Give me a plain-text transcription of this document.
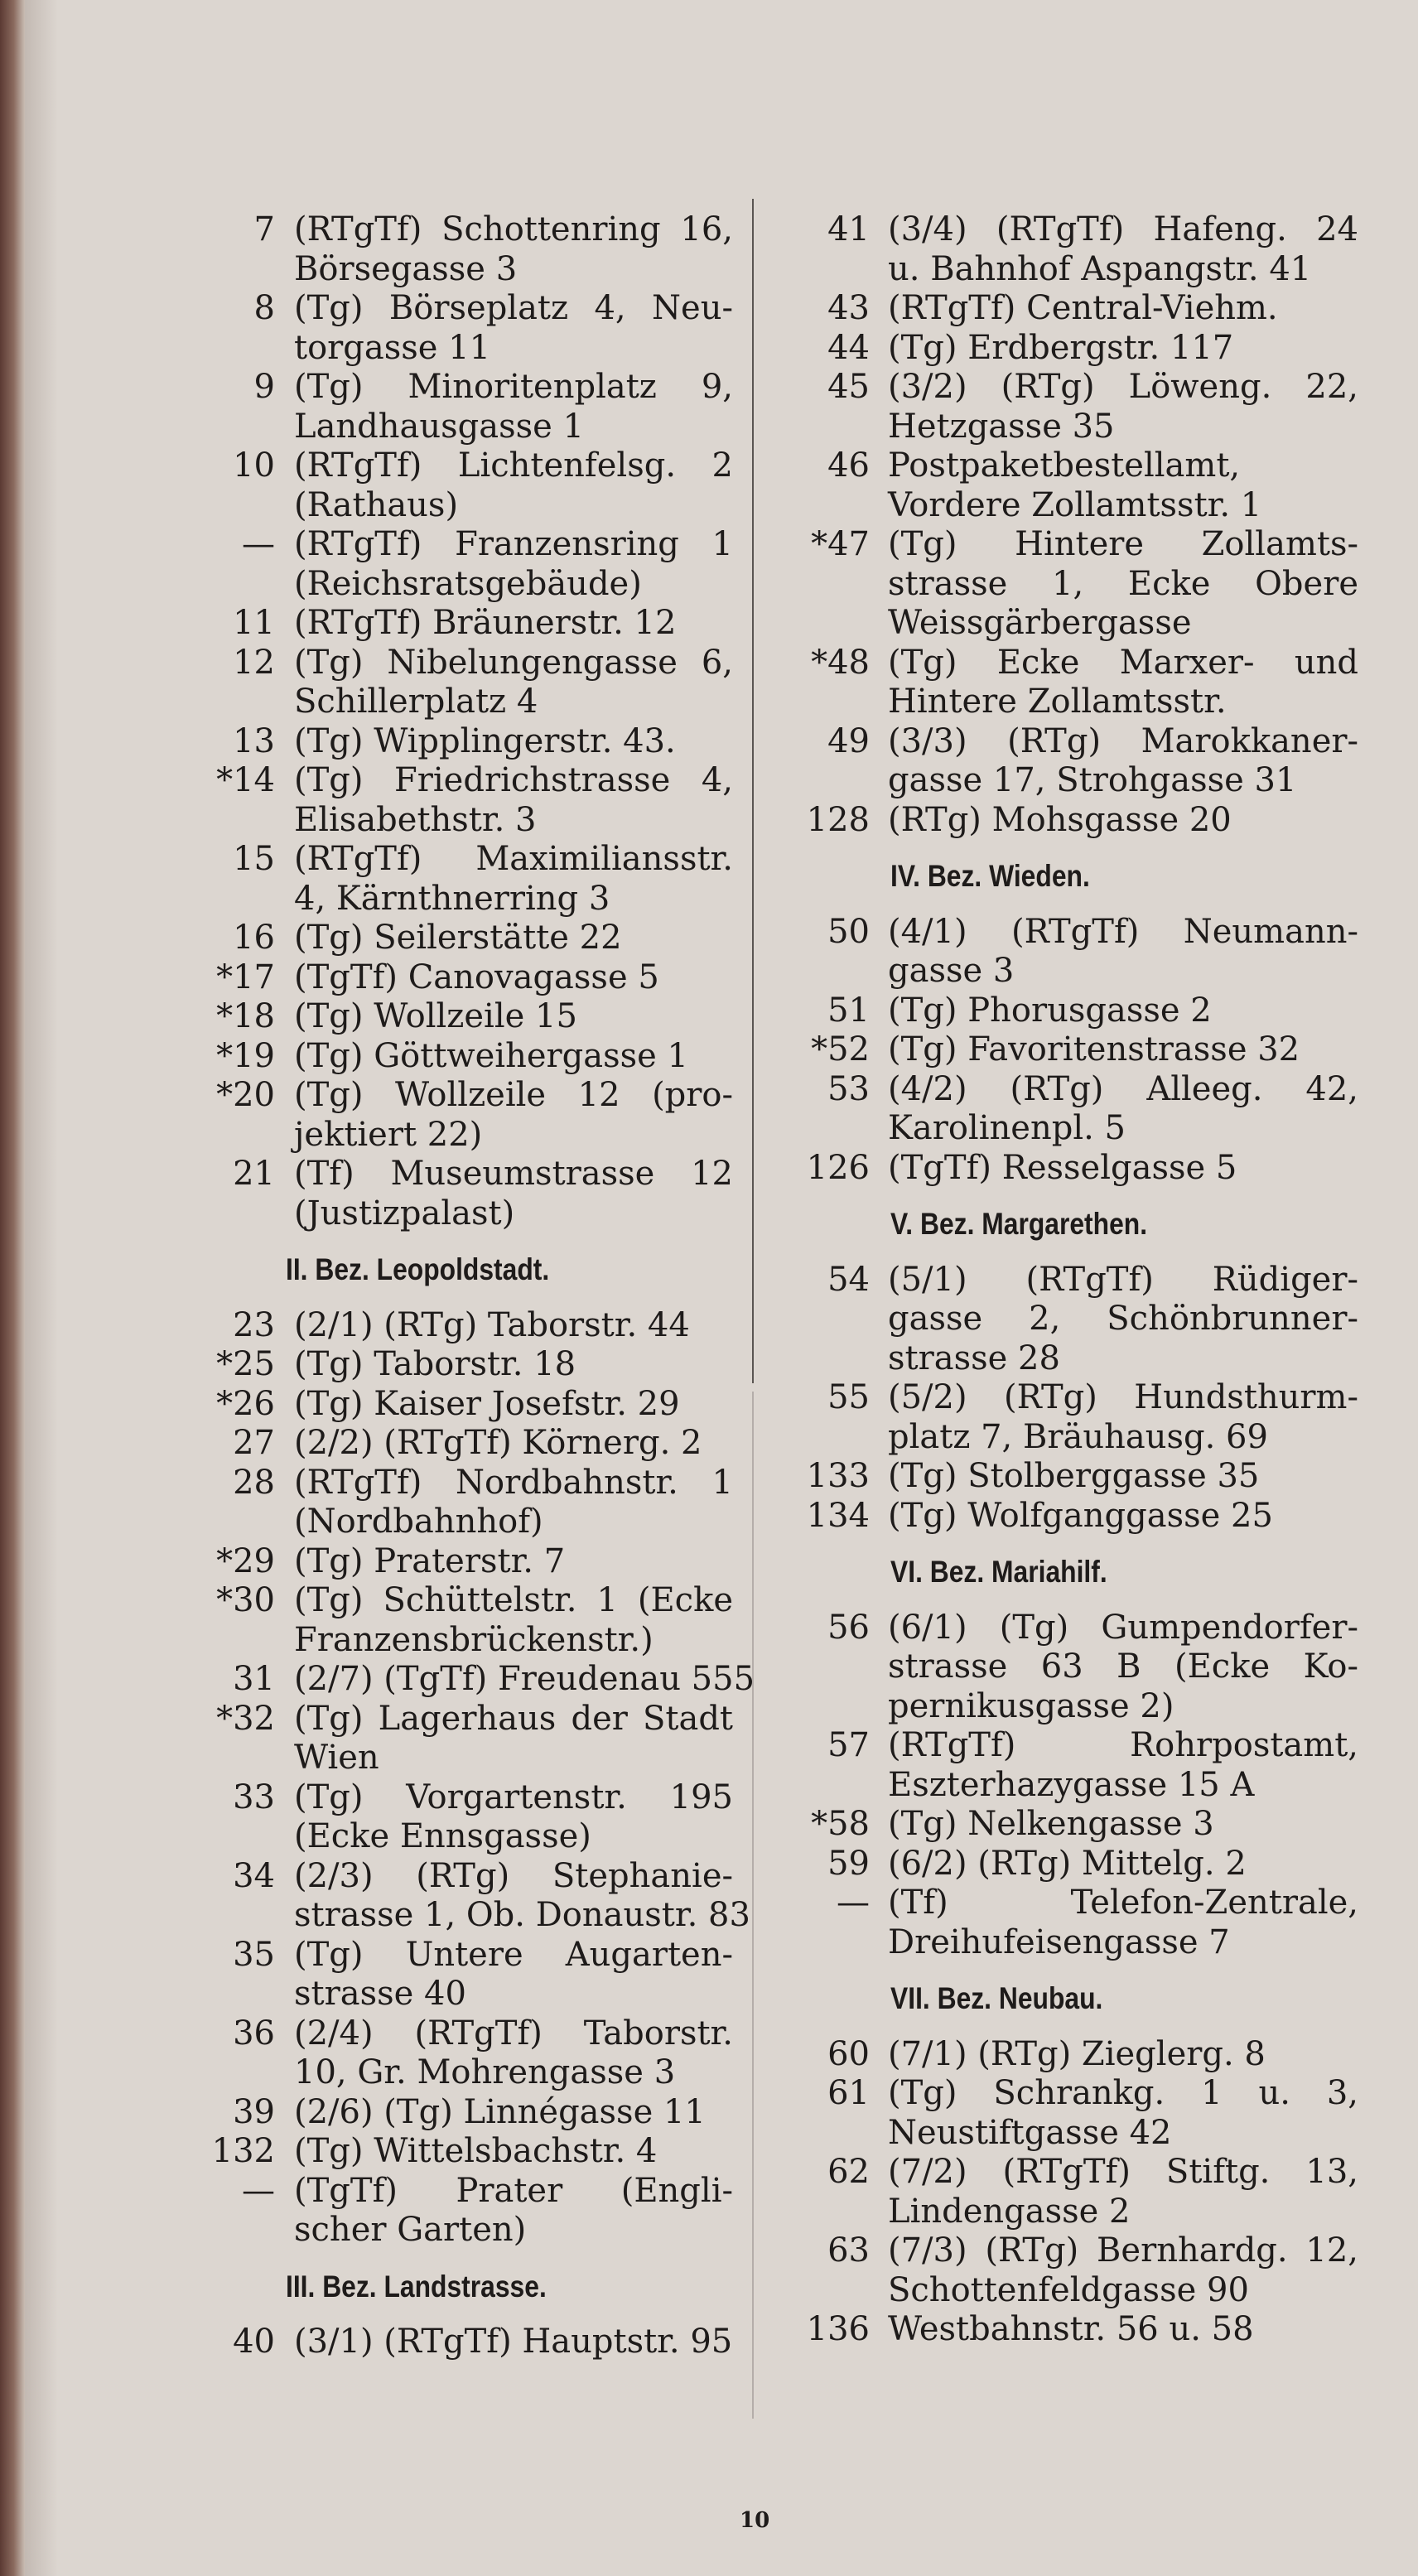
7 (RTgTf) Schottenring 16,
Börsegasse 3
8 (Tg) Börseplatz 4, Neu-
torgasse 11
9 (Tg) Minoritenplatz 9,
Landhausgasse 1
10 (RTgTf) Lichtenfelsg. 2
(Rathaus)
— (RTgTf) Franzensring 1
(Reichsratsgebäude)
11 (RTgTf) Bräunerstr. 12
12 (Tg) Nibelungengasse 6,
Schillerplatz 4
13 (Tg) Wipplingerstr. 43.
*14 (Tg) Friedrichstrasse 4,
Elisabethstr. 3
15 (RTgTf) Maximiliansstr.
4, Kärnthnerring 3
16 (Tg) Seilerstätte 22
*17 (TgTf) Canovagasse 5
*18 (Tg) Wollzeile 15
*19 (Tg) Göttweihergasse 1
*20 (Tg) Wollzeile 12 (pro-
jektiert 22)
21 (Tf) Museumstrasse 12
(Justizpalast)
II. Bez. Leopoldstadt.
23 (2/1) (RTg) Taborstr. 44
*25 (Tg) Taborstr. 18
*26 (Tg) Kaiser Josefstr. 29
27 (2/2) (RTgTf) Körnerg. 2
28 (RTgTf) Nordbahnstr. 1
(Nordbahnhof)
*29 (Tg) Praterstr. 7
*30 (Tg) Schüttelstr. 1 (Ecke
Franzensbrückenstr.)
31 (2/7) (TgTf) Freudenau 555
*32 (Tg) Lagerhaus der Stadt
Wien
33 (Tg) Vorgartenstr. 195
(Ecke Ennsgasse)
34 (2/3) (RTg) Stephanie-
strasse 1, Ob. Donaustr. 83
35 (Tg) Untere Augarten-
strasse 40
36 (2/4) (RTgTf) Taborstr.
10, Gr. Mohrengasse 3
39 (2/6) (Tg) Linnégasse 11
132 (Tg) Wittelsbachstr. 4
— (TgTf) Prater (Engli-
scher Garten)
III. Bez. Landstrasse.
40 (3/1) (RTgTf) Hauptstr. 95
41 (3/4) (RTgTf) Hafeng. 24
u. Bahnhof Aspangstr. 41
43 (RTgTf) Central-Viehm.
44 (Tg) Erdbergstr. 117
45 (3/2) (RTg) Löweng. 22,
Hetzgasse 35
46 Postpaketbestellamt,
Vordere Zollamtsstr. 1
*47 (Tg) Hintere Zollamts-
strasse 1, Ecke Obere
Weissgärbergasse
*48 (Tg) Ecke Marxer- und
Hintere Zollamtsstr.
49 (3/3) (RTg) Marokkaner-
gasse 17, Strohgasse 31
128 (RTg) Mohsgasse 20
IV. Bez. Wieden.
50 (4/1) (RTgTf) Neumann-
gasse 3
51 (Tg) Phorusgasse 2
*52 (Tg) Favoritenstrasse 32
53 (4/2) (RTg) Alleeg. 42,
Karolinenpl. 5
126 (TgTf) Resselgasse 5
V. Bez. Margarethen.
54 (5/1) (RTgTf) Rüdiger-
gasse 2, Schönbrunner-
strasse 28
55 (5/2) (RTg) Hundsthurm-
platz 7, Bräuhausg. 69
133 (Tg) Stolberggasse 35
134 (Tg) Wolfganggasse 25
VI. Bez. Mariahilf.
56 (6/1) (Tg) Gumpendorfer-
strasse 63 B (Ecke Ko-
pernikusgasse 2)
57 (RTgTf) Rohrpostamt,
Eszterhazygasse 15 A
*58 (Tg) Nelkengasse 3
59 (6/2) (RTg) Mittelg. 2
— (Tf) Telefon-Zentrale,
Dreihufeisengasse 7
VII. Bez. Neubau.
60 (7/1) (RTg) Zieglerg. 8
61 (Tg) Schrankg. 1 u. 3,
Neustiftgasse 42
62 (7/2) (RTgTf) Stiftg. 13,
Lindengasse 2
63 (7/3) (RTg) Bernhardg. 12,
Schottenfeldgasse 90
136 Westbahnstr. 56 u. 58
10
